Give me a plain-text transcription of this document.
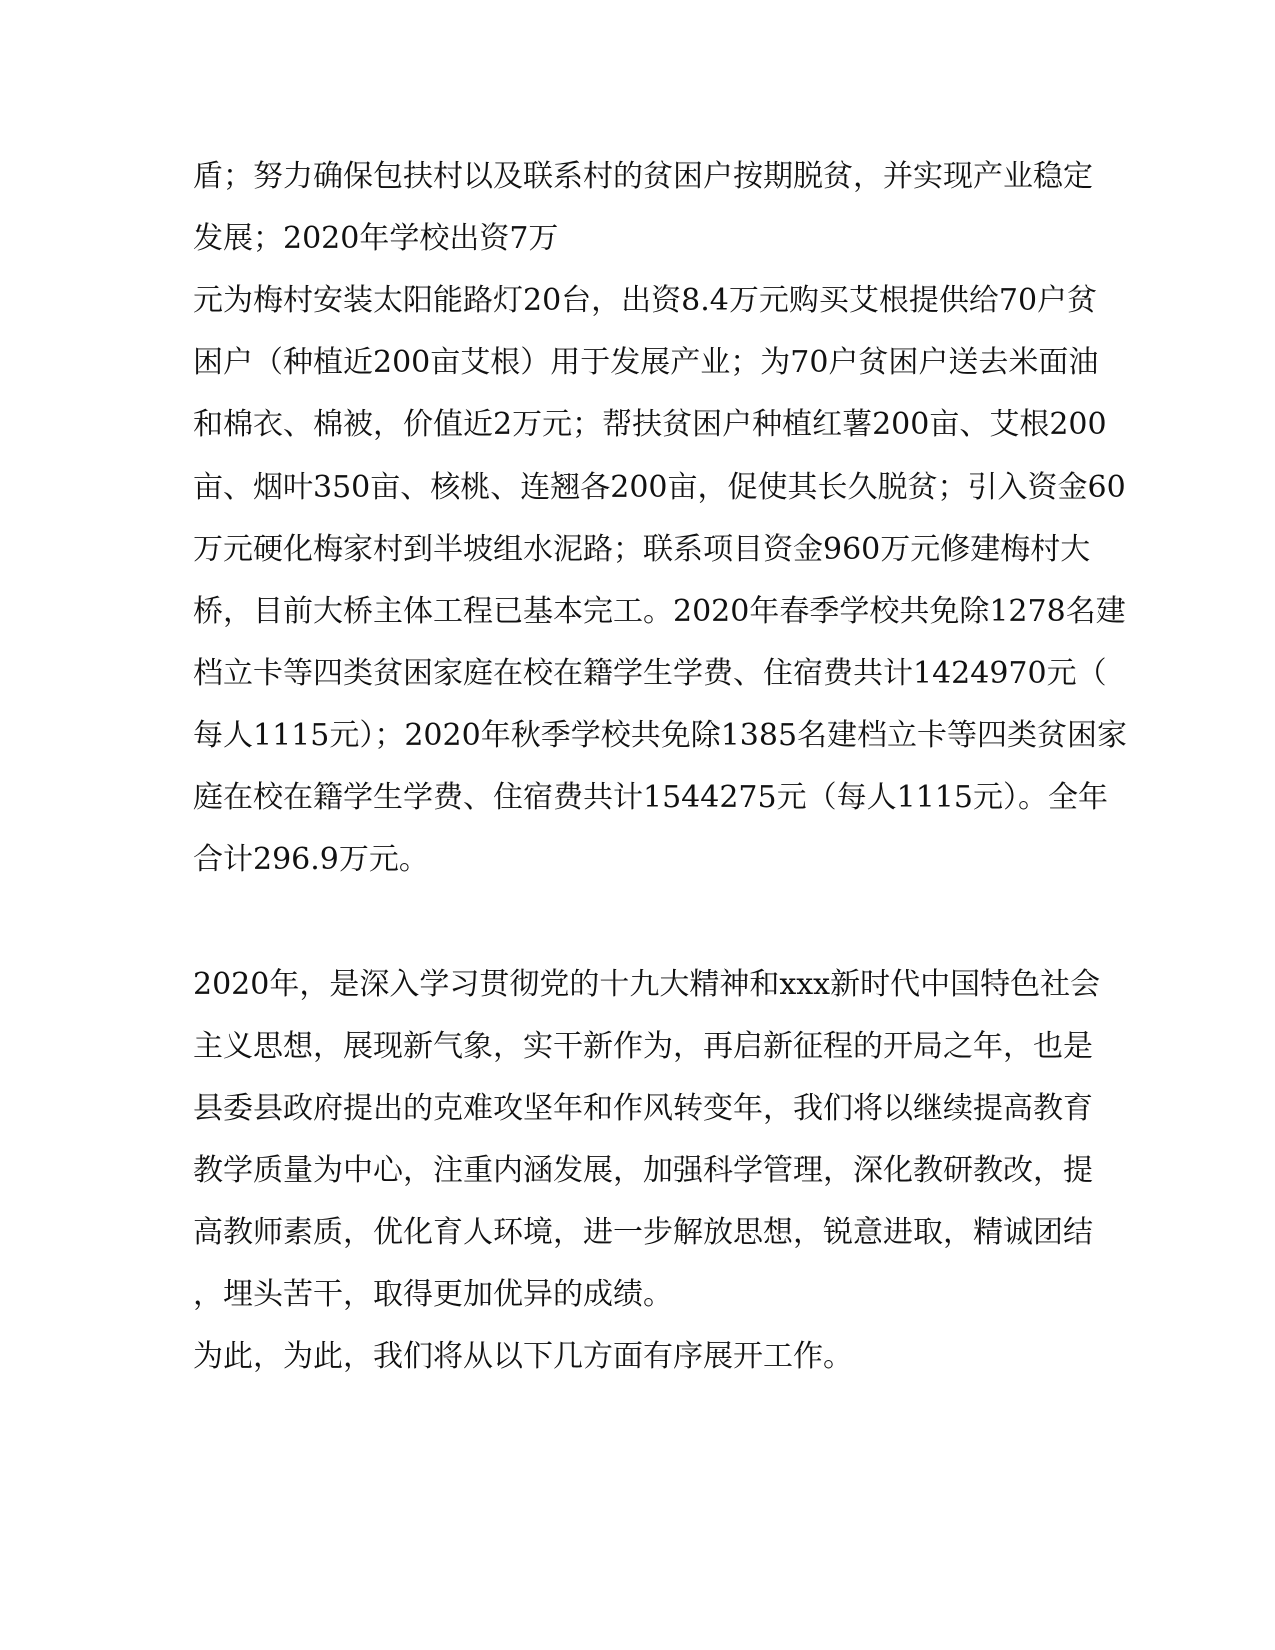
盾；努力确保包扶村以及联系村的贫困户按期脱贫，并实现产业稳定
发展；2020年学校出资7万
元为梅村安装太阳能路灯20台，出资8.4万元购买艾根提供给70户贫
困户（种植近200亩艾根）用于发展产业；为70户贫困户送去米面油
和棉衣、棉被，价值近2万元；帮扶贫困户种植红薯200亩、艾根200
亩、烟叶350亩、核桃、连翘各200亩，促使其长久脱贫；引入资金60
万元硬化梅家村到半坡组水泥路；联系项目资金960万元修建梅村大
桥，目前大桥主体工程已基本完工。2020年春季学校共免除1278名建
档立卡等四类贫困家庭在校在籍学生学费、住宿费共计1424970元（
每人1115元）；2020年秋季学校共免除1385名建档立卡等四类贫困家
庭在校在籍学生学费、住宿费共计1544275元（每人1115元）。全年
合计296.9万元。
2020年，是深入学习贯彻党的十九大精神和xxx新时代中国特色社会
主义思想，展现新气象，实干新作为，再启新征程的开局之年，也是
县委县政府提出的克难攻坚年和作风转变年，我们将以继续提高教育
教学质量为中心，注重内涵发展，加强科学管理，深化教研教改，提
高教师素质，优化育人环境，进一步解放思想，锐意进取，精诚团结
，埋头苦干，取得更加优异的成绩。
为此，为此，我们将从以下几方面有序展开工作。
